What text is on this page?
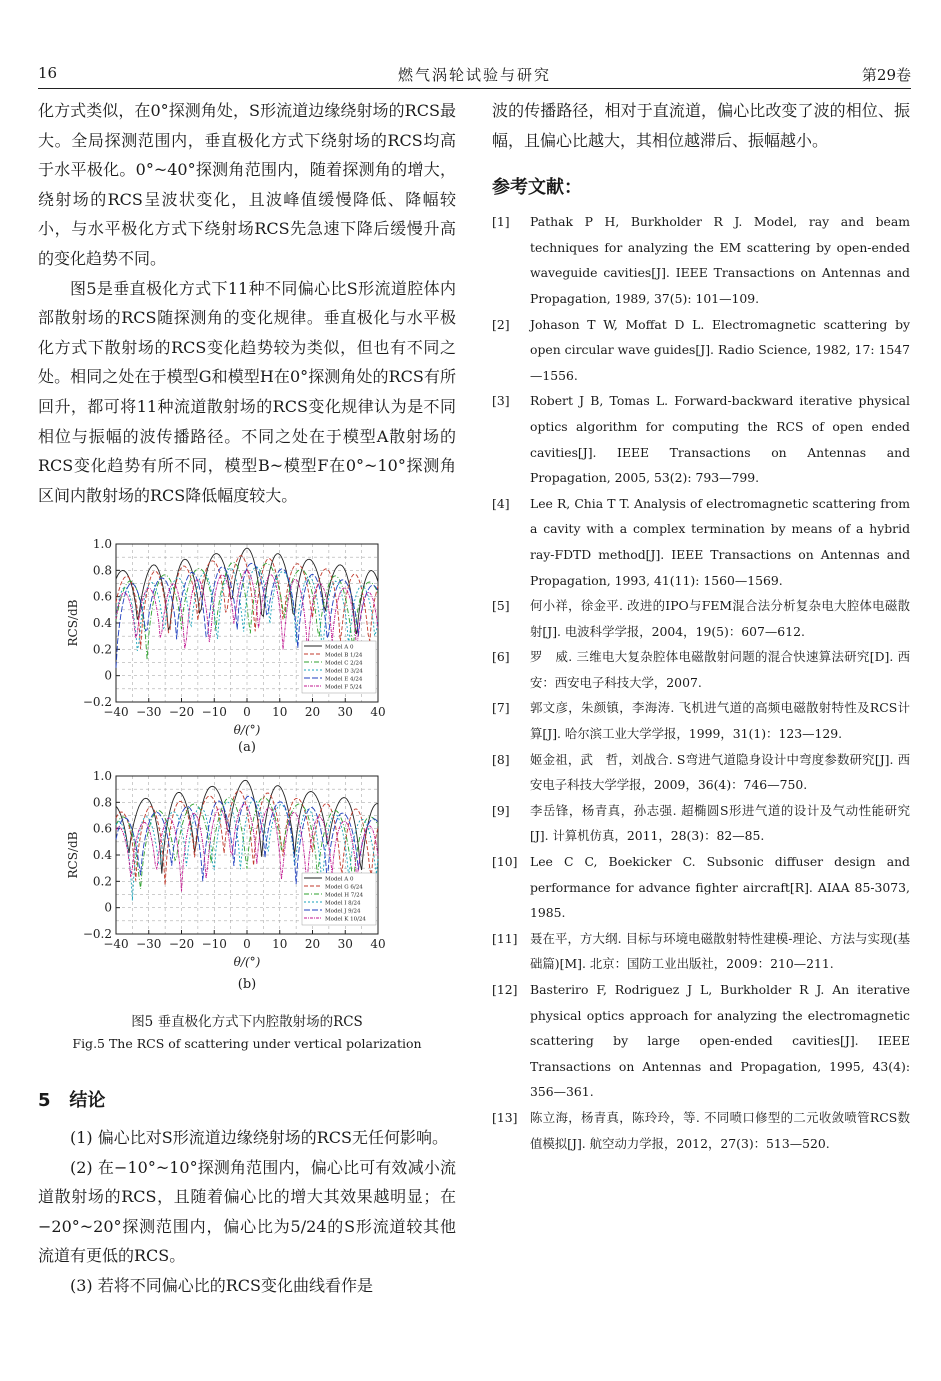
16	燃气涡轮试验与研究	第29卷

化方式类似，在0°探测角处，S形流道边缘绕射场的RCS最大。全局探测范围内，垂直极化方式下绕射场的RCS均高于水平极化。0°~40°探测角范围内，随着探测角的增大，绕射场的RCS呈波状变化，且波峰值缓慢降低、降幅较小，与水平极化方式下绕射场RCS先急速下降后缓慢升高的变化趋势不同。

图5是垂直极化方式下11种不同偏心比S形流道腔体内部散射场的RCS随探测角的变化规律。垂直极化与水平极化方式下散射场的RCS变化趋势较为类似，但也有不同之处。相同之处在于模型G和模型H在0°探测角处的RCS有所回升，都可将11种流道散射场的RCS变化规律认为是不同相位与振幅的波传播路径。不同之处在于模型A散射场的RCS变化趋势有所不同，模型B~模型F在0°~10°探测角区间内散射场的RCS降低幅度较大。

−40 −30 −20 −10 0 10 20 30 40
−0.2
0
0.2
0.4
0.6
0.8
1.0
RCS/dB
θ/(°)
Model A 0
Model B 1/24
Model C 2/24
Model D 3/24
Model E 4/24
Model F 5/24
(a)
−40 −30 −20 −10 0 10 20 30 40
−0.2
0
0.2
0.4
0.6
0.8
1.0
RCS/dB
θ/(°)
Model A 0
Model G 6/24
Model H 7/24
Model I 8/24
Model J 9/24
Model K 10/24
(b)
图5 垂直极化方式下内腔散射场的RCS
Fig.5 The RCS of scattering under vertical polarization
5 结论

(1) 偏心比对S形流道边缘绕射场的RCS无任何影响。

(2) 在−10°~10°探测角范围内，偏心比可有效减小流道散射场的RCS，且随着偏心比的增大其效果越明显；在−20°~20°探测范围内，偏心比为5/24的S形流道较其他流道有更低的RCS。

(3) 若将不同偏心比的RCS变化曲线看作是

波的传播路径，相对于直流道，偏心比改变了波的相位、振幅，且偏心比越大，其相位越滞后、振幅越小。

参考文献：
[1] Pathak P H, Burkholder R J. Model, ray and beam techniques for analyzing the EM scattering by open-ended waveguide cavities[J]. IEEE Transactions on Antennas and Propagation, 1989, 37(5): 101—109.
[2] Johason T W, Moffat D L. Electromagnetic scattering by open circular wave guides[J]. Radio Science, 1982, 17: 1547—1556.
[3] Robert J B, Tomas L. Forward-backward iterative physical optics algorithm for computing the RCS of open ended cavities[J]. IEEE Transactions on Antennas and Propagation, 2005, 53(2): 793—799.
[4] Lee R, Chia T T. Analysis of electromagnetic scattering from a cavity with a complex termination by means of a hybrid ray-FDTD method[J]. IEEE Transactions on Antennas and Propagation, 1993, 41(11): 1560—1569.
[5] 何小祥，徐金平. 改进的IPO与FEM混合法分析复杂电大腔体电磁散射[J]. 电波科学学报，2004，19(5)：607—612.
[6] 罗　威. 三维电大复杂腔体电磁散射问题的混合快速算法研究[D]. 西安：西安电子科技大学，2007.
[7] 郭文彦，朱颜镇，李海涛. 飞机进气道的高频电磁散射特性及RCS计算[J]. 哈尔滨工业大学学报，1999，31(1)：123—129.
[8] 姬金祖，武　哲，刘战合. S弯进气道隐身设计中弯度参数研究[J]. 西安电子科技大学学报，2009，36(4)：746—750.
[9] 李岳锋，杨青真，孙志强. 超椭圆S形进气道的设计及气动性能研究[J]. 计算机仿真，2011，28(3)：82—85.
[10] Lee C C, Boekicker C. Subsonic diffuser design and performance for advance fighter aircraft[R]. AIAA 85-3073, 1985.
[11] 聂在平，方大纲. 目标与环境电磁散射特性建模-理论、方法与实现(基础篇)[M]. 北京：国防工业出版社，2009：210—211.
[12] Basteriro F, Rodriguez J L, Burkholder R J. An iterative physical optics approach for analyzing the electromagnetic scattering by large open-ended cavities[J]. IEEE Transactions on Antennas and Propagation, 1995, 43(4): 356—361.
[13] 陈立海，杨青真，陈玲玲，等. 不同喷口修型的二元收敛喷管RCS数值模拟[J]. 航空动力学报，2012，27(3)：513—520.
